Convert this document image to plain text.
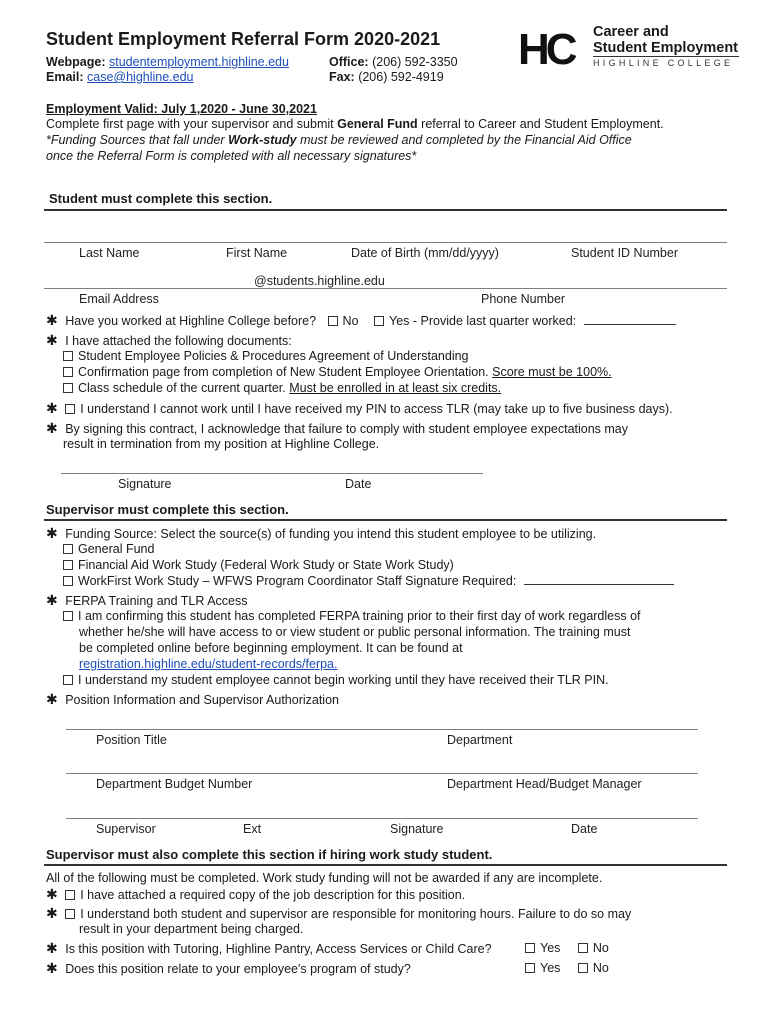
Student Employment Referral Form 2020-2021
Webpage: studentemployment.highline.edu
Email: case@highline.edu
Office: (206) 592-3350
Fax: (206) 592-4919
HC Career and
Student Employment
HIGHLINE COLLEGE
Employment Valid: July 1,2020 - June 30,2021
Complete first page with your supervisor and submit General Fund referral to Career and Student Employment.
*Funding Sources that fall under Work-study must be reviewed and completed by the Financial Aid Office
once the Referral Form is completed with all necessary signatures*
Student must complete this section.
Last Name	First Name	Date of Birth (mm/dd/yyyy)	Student ID Number
@students.highline.edu
Email Address	Phone Number
✱ Have you worked at Highline College before? No Yes - Provide last quarter worked:
✱ I have attached the following documents:
Student Employee Policies & Procedures Agreement of Understanding
Confirmation page from completion of New Student Employee Orientation. Score must be 100%.
Class schedule of the current quarter. Must be enrolled in at least six credits.
✱ I understand I cannot work until I have received my PIN to access TLR (may take up to five business days).
✱ By signing this contract, I acknowledge that failure to comply with student employee expectations may
result in termination from my position at Highline College.
Signature	Date
Supervisor must complete this section.
✱ Funding Source: Select the source(s) of funding you intend this student employee to be utilizing.
General Fund
Financial Aid Work Study (Federal Work Study or State Work Study)
WorkFirst Work Study – WFWS Program Coordinator Staff Signature Required:
✱ FERPA Training and TLR Access
I am confirming this student has completed FERPA training prior to their first day of work regardless of
whether he/she will have access to or view student or public personal information. The training must
be completed online before beginning employment. It can be found at
registration.highline.edu/student-records/ferpa.
I understand my student employee cannot begin working until they have received their TLR PIN.
✱ Position Information and Supervisor Authorization
Position Title	Department
Department Budget Number	Department Head/Budget Manager
Supervisor	Ext	Signature	Date
Supervisor must also complete this section if hiring work study student.
All of the following must be completed. Work study funding will not be awarded if any are incomplete.
✱ I have attached a required copy of the job description for this position.
✱ I understand both student and supervisor are responsible for monitoring hours. Failure to do so may
result in your department being charged.
✱ Is this position with Tutoring, Highline Pantry, Access Services or Child Care?	Yes	No
✱ Does this position relate to your employee's program of study?	Yes	No
